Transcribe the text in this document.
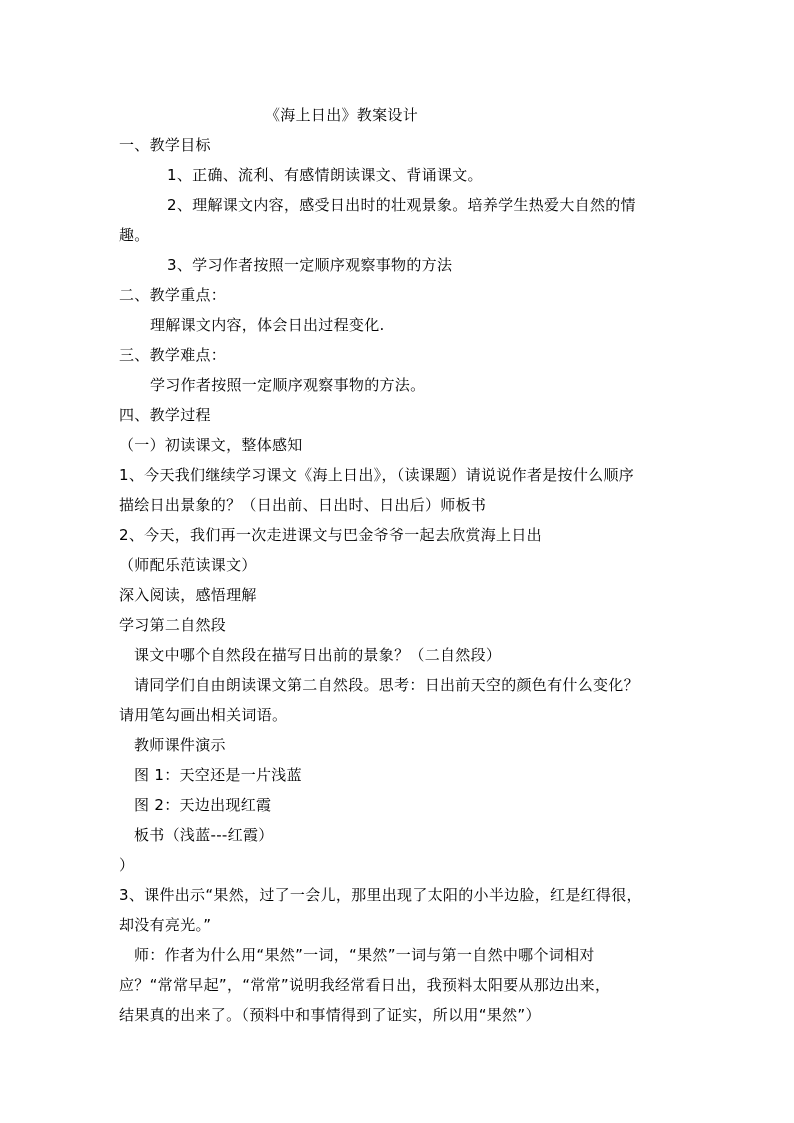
《海上日出》教案设计
一、教学目标
1、正确、流利、有感情朗读课文、背诵课文。
2、理解课文内容，感受日出时的壮观景象。培养学生热爱大自然的情
趣。
3、学习作者按照一定顺序观察事物的方法
二、教学重点：
理解课文内容，体会日出过程变化.
三、教学难点：
学习作者按照一定顺序观察事物的方法。
四、教学过程
（一）初读课文，整体感知
1、今天我们继续学习课文《海上日出》，（读课题）请说说作者是按什么顺序
描绘日出景象的？（日出前、日出时、日出后）师板书
2、今天，我们再一次走进课文与巴金爷爷一起去欣赏海上日出
（师配乐范读课文）
深入阅读，感悟理解
学习第二自然段
课文中哪个自然段在描写日出前的景象？（二自然段）
请同学们自由朗读课文第二自然段。思考：日出前天空的颜色有什么变化？
请用笔勾画出相关词语。
教师课件演示
图 1：天空还是一片浅蓝
图 2：天边出现红霞
板书（浅蓝---红霞）
）
3、课件出示“果然，过了一会儿，那里出现了太阳的小半边脸，红是红得很，
却没有亮光。”
师：作者为什么用“果然”一词，“果然”一词与第一自然中哪个词相对
应？“常常早起”，“常常”说明我经常看日出，我预料太阳要从那边出来，
结果真的出来了。（预料中和事情得到了证实，所以用“果然”）
